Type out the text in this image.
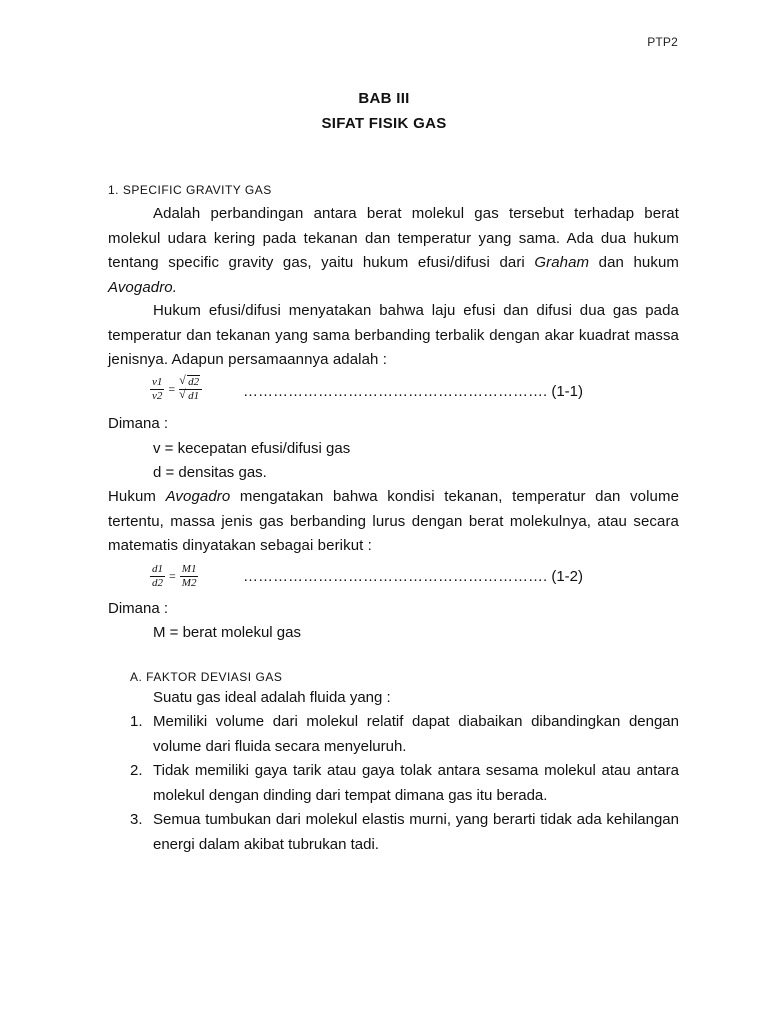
PTP2
BAB III
SIFAT FISIK GAS
1. SPECIFIC GRAVITY GAS

Adalah perbandingan antara berat molekul gas tersebut terhadap berat molekul udara kering pada tekanan dan temperatur yang sama. Ada dua hukum tentang specific gravity gas, yaitu hukum efusi/difusi dari Graham dan hukum Avogadro.

Hukum efusi/difusi menyatakan bahwa laju efusi dan difusi dua gas pada temperatur dan tekanan yang sama berbanding terbalik dengan akar kuadrat massa jenisnya. Adapun persamaannya adalah :

$\frac{v1}{v2}$ =
√ d2
√ d1	……………………………………………………. (1-1)
Dimana :
v = kecepatan efusi/difusi gas
d = densitas gas.

Hukum Avogadro mengatakan bahwa kondisi tekanan, temperatur dan volume tertentu, massa jenis gas berbanding lurus dengan berat molekulnya, atau secara matematis dinyatakan sebagai berikut :

$\frac{d1}{d2} = \frac{M1}{M2}$	……………………………………………………. (1-2)
Dimana :
M = berat molekul gas
A. FAKTOR DEVIASI GAS
Suatu gas ideal adalah fluida yang :
1. Memiliki volume dari molekul relatif dapat diabaikan dibandingkan dengan volume dari fluida secara menyeluruh.
2. Tidak memiliki gaya tarik atau gaya tolak antara sesama molekul atau antara molekul dengan dinding dari tempat dimana gas itu berada.
3. Semua tumbukan dari molekul elastis murni, yang berarti tidak ada kehilangan energi dalam akibat tubrukan tadi.
